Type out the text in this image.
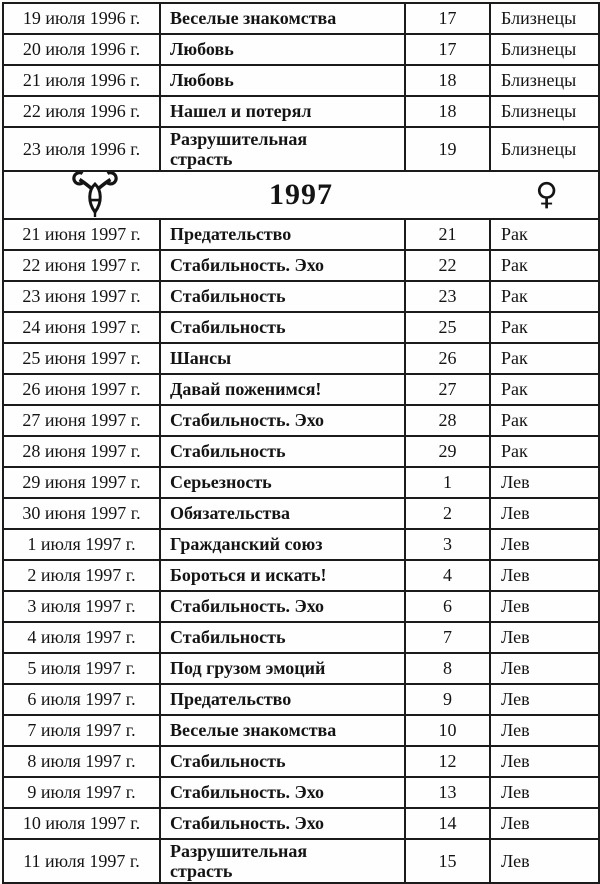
19 июля 1996 г.	Веселые знакомства	17	Близнецы
20 июля 1996 г.	Любовь	17	Близнецы
21 июля 1996 г.	Любовь	18	Близнецы
22 июля 1996 г.	Нашел и потерял	18	Близнецы
23 июля 1996 г.	Разрушительная страсть	19	Близнецы

1997 ♀			

21 июня 1997 г.	Предательство	21	Рак
22 июня 1997 г.	Стабильность. Эхо	22	Рак
23 июня 1997 г.	Стабильность	23	Рак
24 июня 1997 г.	Стабильность	25	Рак
25 июня 1997 г.	Шансы	26	Рак
26 июня 1997 г.	Давай поженимся!	27	Рак
27 июня 1997 г.	Стабильность. Эхо	28	Рак
28 июня 1997 г.	Стабильность	29	Рак
29 июня 1997 г.	Серьезность	1	Лев
30 июня 1997 г.	Обязательства	2	Лев
1 июля 1997 г.	Гражданский союз	3	Лев
2 июля 1997 г.	Бороться и искать!	4	Лев
3 июля 1997 г.	Стабильность. Эхо	6	Лев
4 июля 1997 г.	Стабильность	7	Лев
5 июля 1997 г.	Под грузом эмоций	8	Лев
6 июля 1997 г.	Предательство	9	Лев
7 июля 1997 г.	Веселые знакомства	10	Лев
8 июля 1997 г.	Стабильность	12	Лев
9 июля 1997 г.	Стабильность. Эхо	13	Лев
10 июля 1997 г.	Стабильность. Эхо	14	Лев
11 июля 1997 г.	Разрушительная страсть	15	Лев
